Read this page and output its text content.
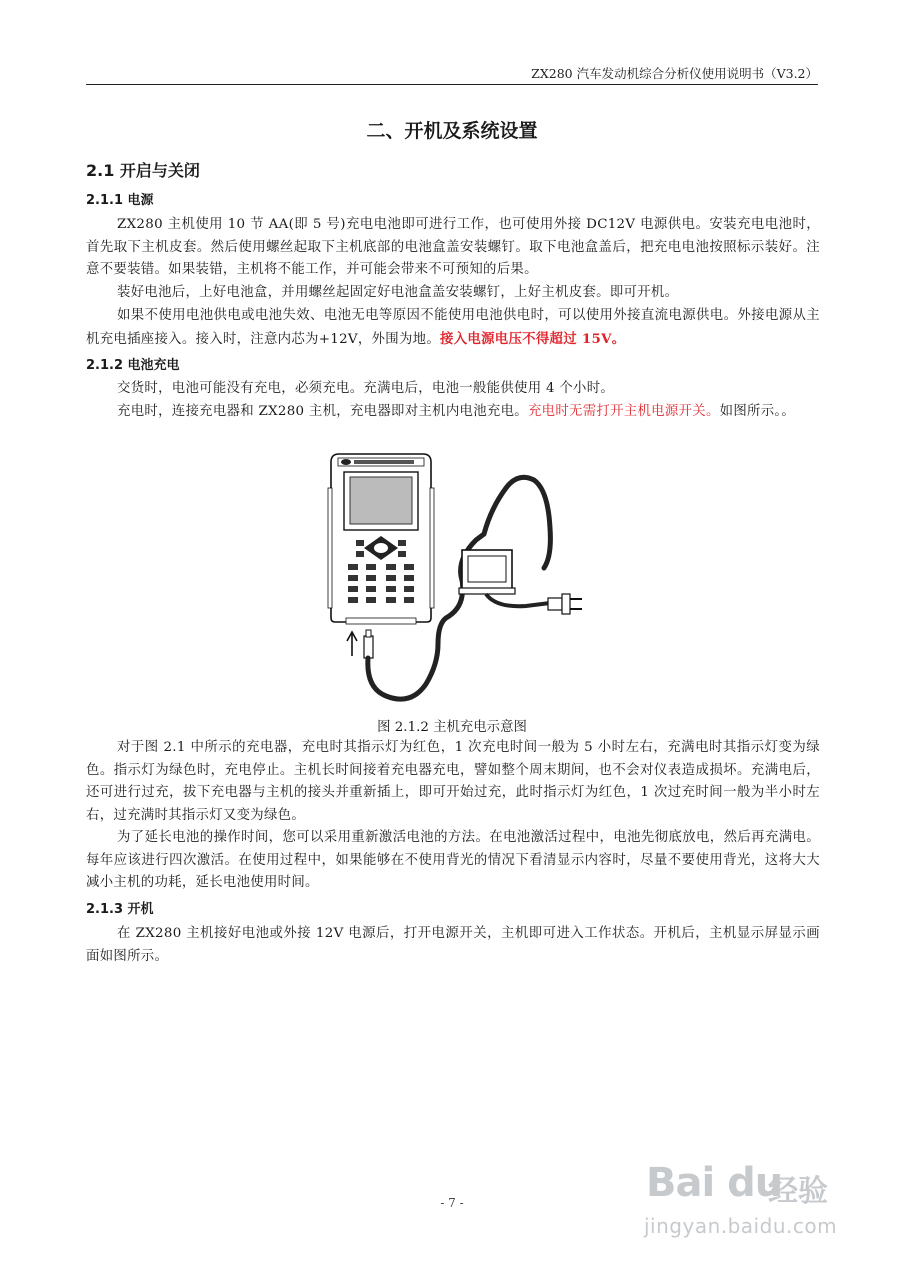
ZX280 汽车发动机综合分析仪使用说明书（V3.2）
二、开机及系统设置
2.1 开启与关闭
2.1.1 电源

ZX280 主机使用 10 节 AA(即 5 号)充电电池即可进行工作，也可使用外接 DC12V 电源供电。安装充电电池时，首先取下主机皮套。然后使用螺丝起取下主机底部的电池盒盖安装螺钉。取下电池盒盖后，把充电电池按照标示装好。注意不要装错。如果装错，主机将不能工作，并可能会带来不可预知的后果。

装好电池后，上好电池盒，并用螺丝起固定好电池盒盖安装螺钉，上好主机皮套。即可开机。

如果不使用电池供电或电池失效、电池无电等原因不能使用电池供电时，可以使用外接直流电源供电。外接电源从主机充电插座接入。接入时，注意内芯为+12V，外围为地。接入电源电压不得超过 15V。

2.1.2 电池充电

交货时，电池可能没有充电，必须充电。充满电后，电池一般能供使用 4 个小时。

充电时，连接充电器和 ZX280 主机，充电器即对主机内电池充电。充电时无需打开主机电源开关。如图所示。。

图 2.1.2 主机充电示意图

对于图 2.1 中所示的充电器，充电时其指示灯为红色，1 次充电时间一般为 5 小时左右，充满电时其指示灯变为绿色。指示灯为绿色时，充电停止。主机长时间接着充电器充电，譬如整个周末期间，也不会对仪表造成损坏。充满电后，还可进行过充，拔下充电器与主机的接头并重新插上，即可开始过充，此时指示灯为红色，1 次过充时间一般为半小时左右，过充满时其指示灯又变为绿色。

为了延长电池的操作时间，您可以采用重新激活电池的方法。在电池激活过程中，电池先彻底放电，然后再充满电。每年应该进行四次激活。在使用过程中，如果能够在不使用背光的情况下看清显示内容时，尽量不要使用背光，这将大大减小主机的功耗，延长电池使用时间。

2.1.3 开机

在 ZX280 主机接好电池或外接 12V 电源后，打开电源开关，主机即可进入工作状态。开机后，主机显示屏显示画面如图所示。

- 7 -	Bai du
经验
jingyan.baidu.com
